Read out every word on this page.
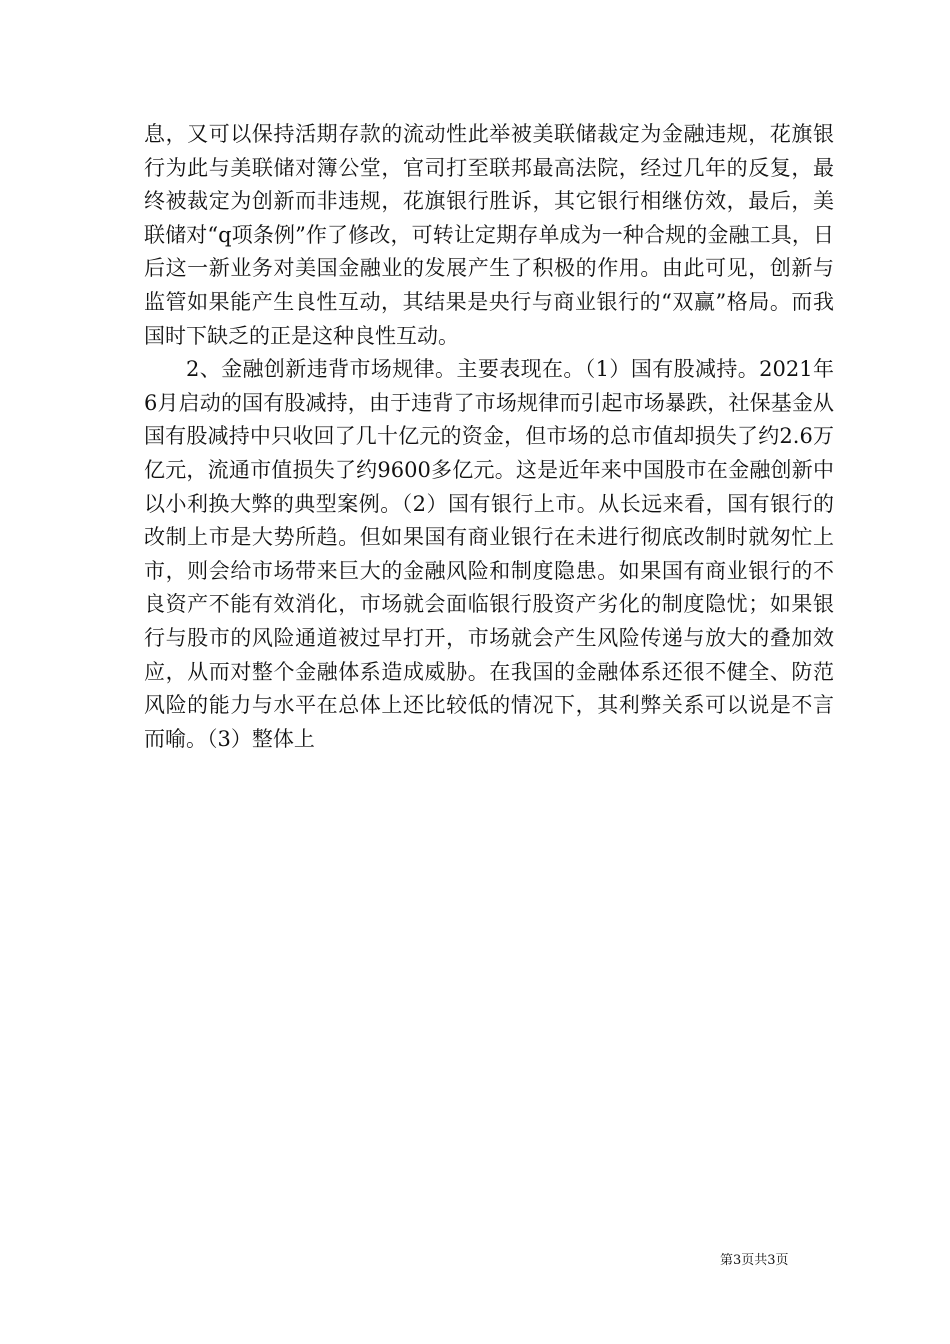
息，又可以保持活期存款的流动性此举被美联储裁定为金融违规，花旗银行为此与美联储对簿公堂，官司打至联邦最高法院，经过几年的反复，最终被裁定为创新而非违规，花旗银行胜诉，其它银行相继仿效，最后，美联储对“q项条例”作了修改，可转让定期存单成为一种合规的金融工具，日后这一新业务对美国金融业的发展产生了积极的作用。由此可见，创新与监管如果能产生良性互动，其结果是央行与商业银行的“双赢”格局。而我国时下缺乏的正是这种良性互动。

2、金融创新违背市场规律。主要表现在。（1）国有股减持。2021年6月启动的国有股减持，由于违背了市场规律而引起市场暴跌，社保基金从国有股减持中只收回了几十亿元的资金，但市场的总市值却损失了约2.6万亿元，流通市值损失了约9600多亿元。这是近年来中国股市在金融创新中以小利换大弊的典型案例。（2）国有银行上市。从长远来看，国有银行的改制上市是大势所趋。但如果国有商业银行在未进行彻底改制时就匆忙上市，则会给市场带来巨大的金融风险和制度隐患。如果国有商业银行的不良资产不能有效消化，市场就会面临银行股资产劣化的制度隐忧；如果银行与股市的风险通道被过早打开，市场就会产生风险传递与放大的叠加效应，从而对整个金融体系造成威胁。在我国的金融体系还很不健全、防范风险的能力与水平在总体上还比较低的情况下，其利弊关系可以说是不言而喻。（3）整体上

第3页共3页
